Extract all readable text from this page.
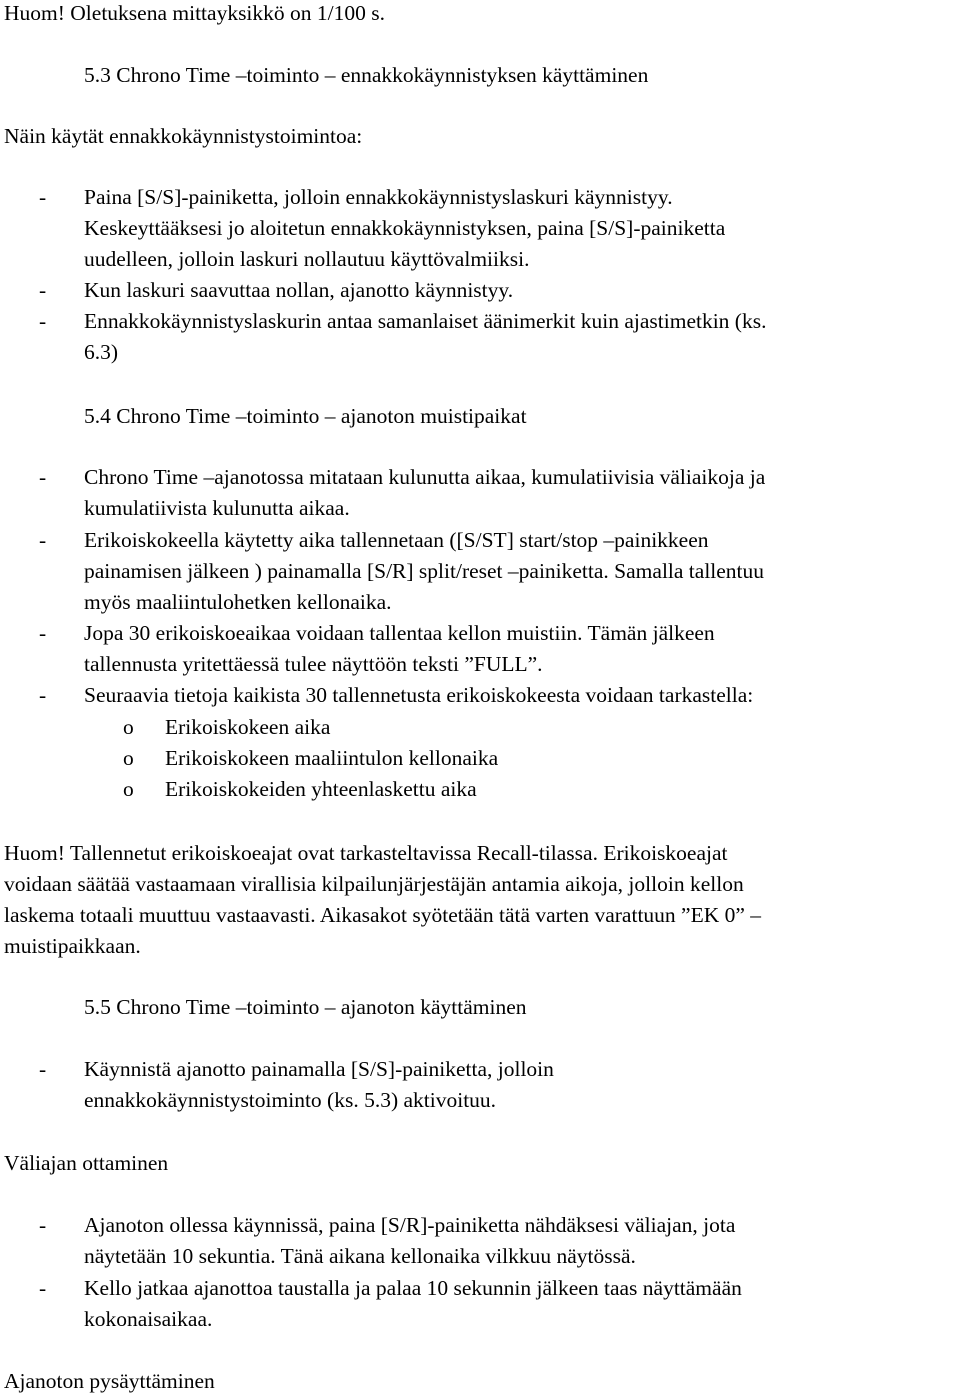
Huom! Oletuksena mittayksikkö on 1/100 s.
5.3 Chrono Time –toiminto – ennakkokäynnistyksen käyttäminen
Näin käytät ennakkokäynnistystoimintoa:
- Paina [S/S]-painiketta, jolloin ennakkokäynnistyslaskuri käynnistyy.
Keskeyttääksesi jo aloitetun ennakkokäynnistyksen, paina [S/S]-painiketta
uudelleen, jolloin laskuri nollautuu käyttövalmiiksi.
- Kun laskuri saavuttaa nollan, ajanotto käynnistyy.
- Ennakkokäynnistyslaskurin antaa samanlaiset äänimerkit kuin ajastimetkin (ks.
6.3)
5.4 Chrono Time –toiminto – ajanoton muistipaikat
- Chrono Time –ajanotossa mitataan kulunutta aikaa, kumulatiivisia väliaikoja ja
kumulatiivista kulunutta aikaa.
- Erikoiskokeella käytetty aika tallennetaan ([S/ST] start/stop –painikkeen
painamisen jälkeen ) painamalla [S/R] split/reset –painiketta. Samalla tallentuu
myös maaliintulohetken kellonaika.
- Jopa 30 erikoiskoeaikaa voidaan tallentaa kellon muistiin. Tämän jälkeen
tallennusta yritettäessä tulee näyttöön teksti ”FULL”.
- Seuraavia tietoja kaikista 30 tallennetusta erikoiskokeesta voidaan tarkastella:
o Erikoiskokeen aika
o Erikoiskokeen maaliintulon kellonaika
o Erikoiskokeiden yhteenlaskettu aika
Huom! Tallennetut erikoiskoeajat ovat tarkasteltavissa Recall-tilassa. Erikoiskoeajat
voidaan säätää vastaamaan virallisia kilpailunjärjestäjän antamia aikoja, jolloin kellon
laskema totaali muuttuu vastaavasti. Aikasakot syötetään tätä varten varattuun ”EK 0” –
muistipaikkaan.
5.5 Chrono Time –toiminto – ajanoton käyttäminen
- Käynnistä ajanotto painamalla [S/S]-painiketta, jolloin
ennakkokäynnistystoiminto (ks. 5.3) aktivoituu.
Väliajan ottaminen
- Ajanoton ollessa käynnissä, paina [S/R]-painiketta nähdäksesi väliajan, jota
näytetään 10 sekuntia. Tänä aikana kellonaika vilkkuu näytössä.
- Kello jatkaa ajanottoa taustalla ja palaa 10 sekunnin jälkeen taas näyttämään
kokonaisaikaa.
Ajanoton pysäyttäminen
